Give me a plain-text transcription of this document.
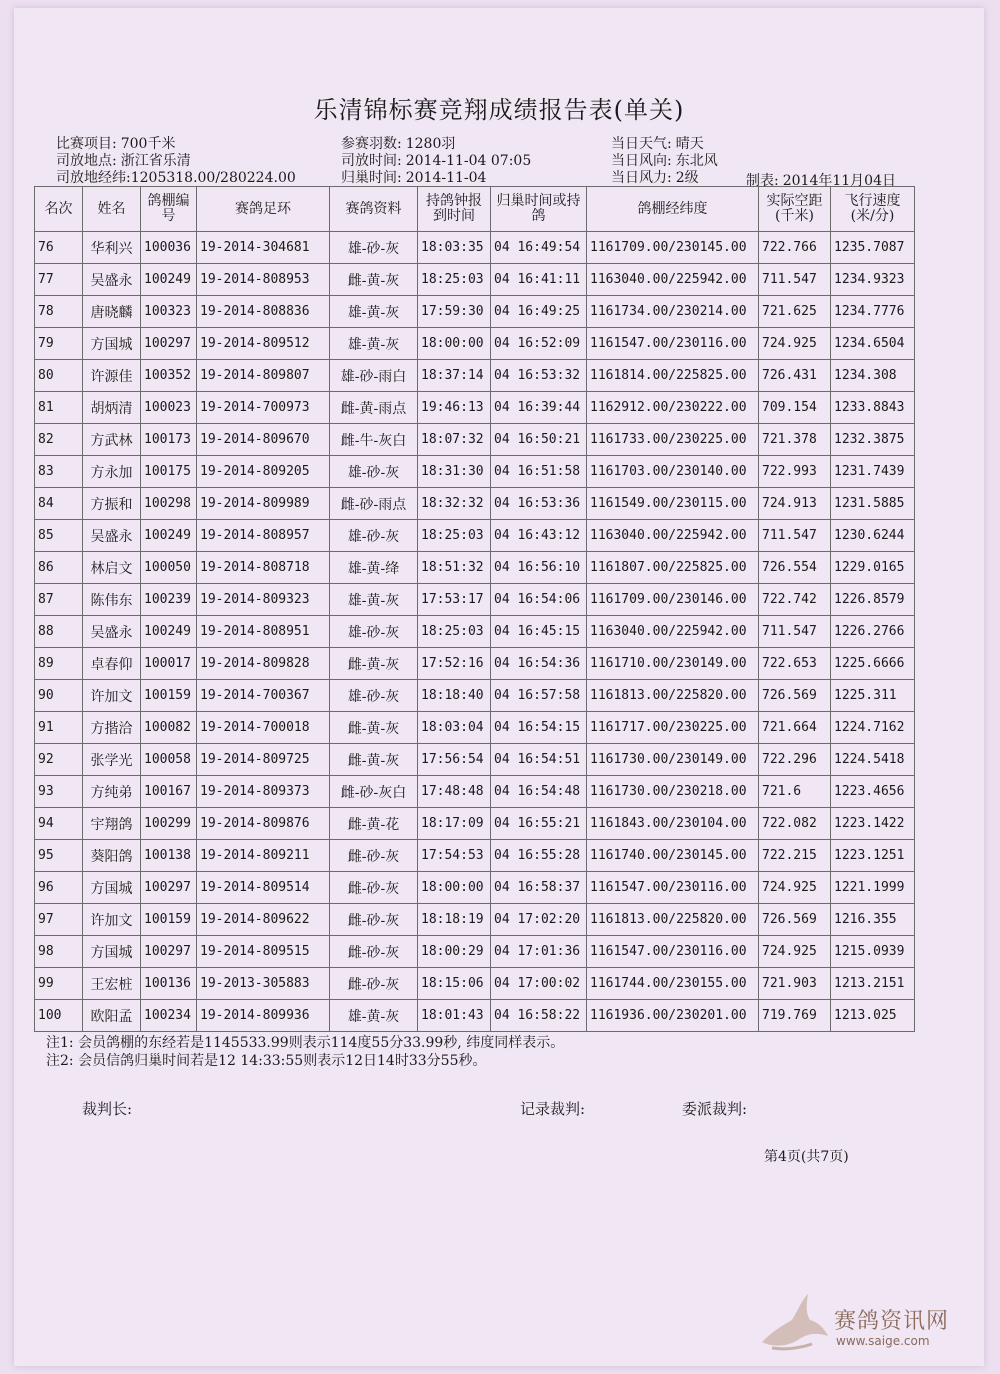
乐清锦标赛竞翔成绩报告表(单关)
比赛项目: 700千米
司放地点: 浙江省乐清
司放地经纬:1205318.00/280224.00
参赛羽数: 1280羽
司放时间: 2014-11-04 07:05
归巢时间: 2014-11-04
当日天气: 晴天
当日风向: 东北风
当日风力: 2级	制表: 2014年11月04日
名次	姓名	鸽棚编号	赛鸽足环	赛鸽资料	持鸽钟报到时间	归巢时间或持鸽	鸽棚经纬度	实际空距(千米)	飞行速度(米/分)
76	华利兴	100036	19-2014-304681	雄-砂-灰	18:03:35	04 16:49:54	1161709.00/230145.00	722.766	1235.7087
77	吴盛永	100249	19-2014-808953	雌-黄-灰	18:25:03	04 16:41:11	1163040.00/225942.00	711.547	1234.9323
78	唐晓麟	100323	19-2014-808836	雄-黄-灰	17:59:30	04 16:49:25	1161734.00/230214.00	721.625	1234.7776
79	方国城	100297	19-2014-809512	雄-黄-灰	18:00:00	04 16:52:09	1161547.00/230116.00	724.925	1234.6504
80	许源佳	100352	19-2014-809807	雄-砂-雨白	18:37:14	04 16:53:32	1161814.00/225825.00	726.431	1234.308
81	胡炳清	100023	19-2014-700973	雌-黄-雨点	19:46:13	04 16:39:44	1162912.00/230222.00	709.154	1233.8843
82	方武林	100173	19-2014-809670	雌-牛-灰白	18:07:32	04 16:50:21	1161733.00/230225.00	721.378	1232.3875
83	方永加	100175	19-2014-809205	雄-砂-灰	18:31:30	04 16:51:58	1161703.00/230140.00	722.993	1231.7439
84	方振和	100298	19-2014-809989	雌-砂-雨点	18:32:32	04 16:53:36	1161549.00/230115.00	724.913	1231.5885
85	吴盛永	100249	19-2014-808957	雄-砂-灰	18:25:03	04 16:43:12	1163040.00/225942.00	711.547	1230.6244
86	林启文	100050	19-2014-808718	雄-黄-绛	18:51:32	04 16:56:10	1161807.00/225825.00	726.554	1229.0165
87	陈伟东	100239	19-2014-809323	雄-黄-灰	17:53:17	04 16:54:06	1161709.00/230146.00	722.742	1226.8579
88	吴盛永	100249	19-2014-808951	雄-砂-灰	18:25:03	04 16:45:15	1163040.00/225942.00	711.547	1226.2766
89	卓春仰	100017	19-2014-809828	雌-黄-灰	17:52:16	04 16:54:36	1161710.00/230149.00	722.653	1225.6666
90	许加文	100159	19-2014-700367	雄-砂-灰	18:18:40	04 16:57:58	1161813.00/225820.00	726.569	1225.311
91	方揩洽	100082	19-2014-700018	雌-黄-灰	18:03:04	04 16:54:15	1161717.00/230225.00	721.664	1224.7162
92	张学光	100058	19-2014-809725	雌-黄-灰	17:56:54	04 16:54:51	1161730.00/230149.00	722.296	1224.5418
93	方纯弟	100167	19-2014-809373	雌-砂-灰白	17:48:48	04 16:54:48	1161730.00/230218.00	721.6	1223.4656
94	宇翔鸽	100299	19-2014-809876	雌-黄-花	18:17:09	04 16:55:21	1161843.00/230104.00	722.082	1223.1422
95	葵阳鸽	100138	19-2014-809211	雌-砂-灰	17:54:53	04 16:55:28	1161740.00/230145.00	722.215	1223.1251
96	方国城	100297	19-2014-809514	雌-砂-灰	18:00:00	04 16:58:37	1161547.00/230116.00	724.925	1221.1999
97	许加文	100159	19-2014-809622	雌-砂-灰	18:18:19	04 17:02:20	1161813.00/225820.00	726.569	1216.355
98	方国城	100297	19-2014-809515	雌-砂-灰	18:00:29	04 17:01:36	1161547.00/230116.00	724.925	1215.0939
99	王宏桩	100136	19-2013-305883	雌-砂-灰	18:15:06	04 17:00:02	1161744.00/230155.00	721.903	1213.2151
100	欧阳孟	100234	19-2014-809936	雄-黄-灰	18:01:43	04 16:58:22	1161936.00/230201.00	719.769	1213.025
注1: 会员鸽棚的东经若是1145533.99则表示114度55分33.99秒, 纬度同样表示。
注2: 会员信鸽归巢时间若是12 14:33:55则表示12日14时33分55秒。
裁判长:	记录裁判:	委派裁判:
第4页(共7页)
赛鸽资讯网
www.saige.com
